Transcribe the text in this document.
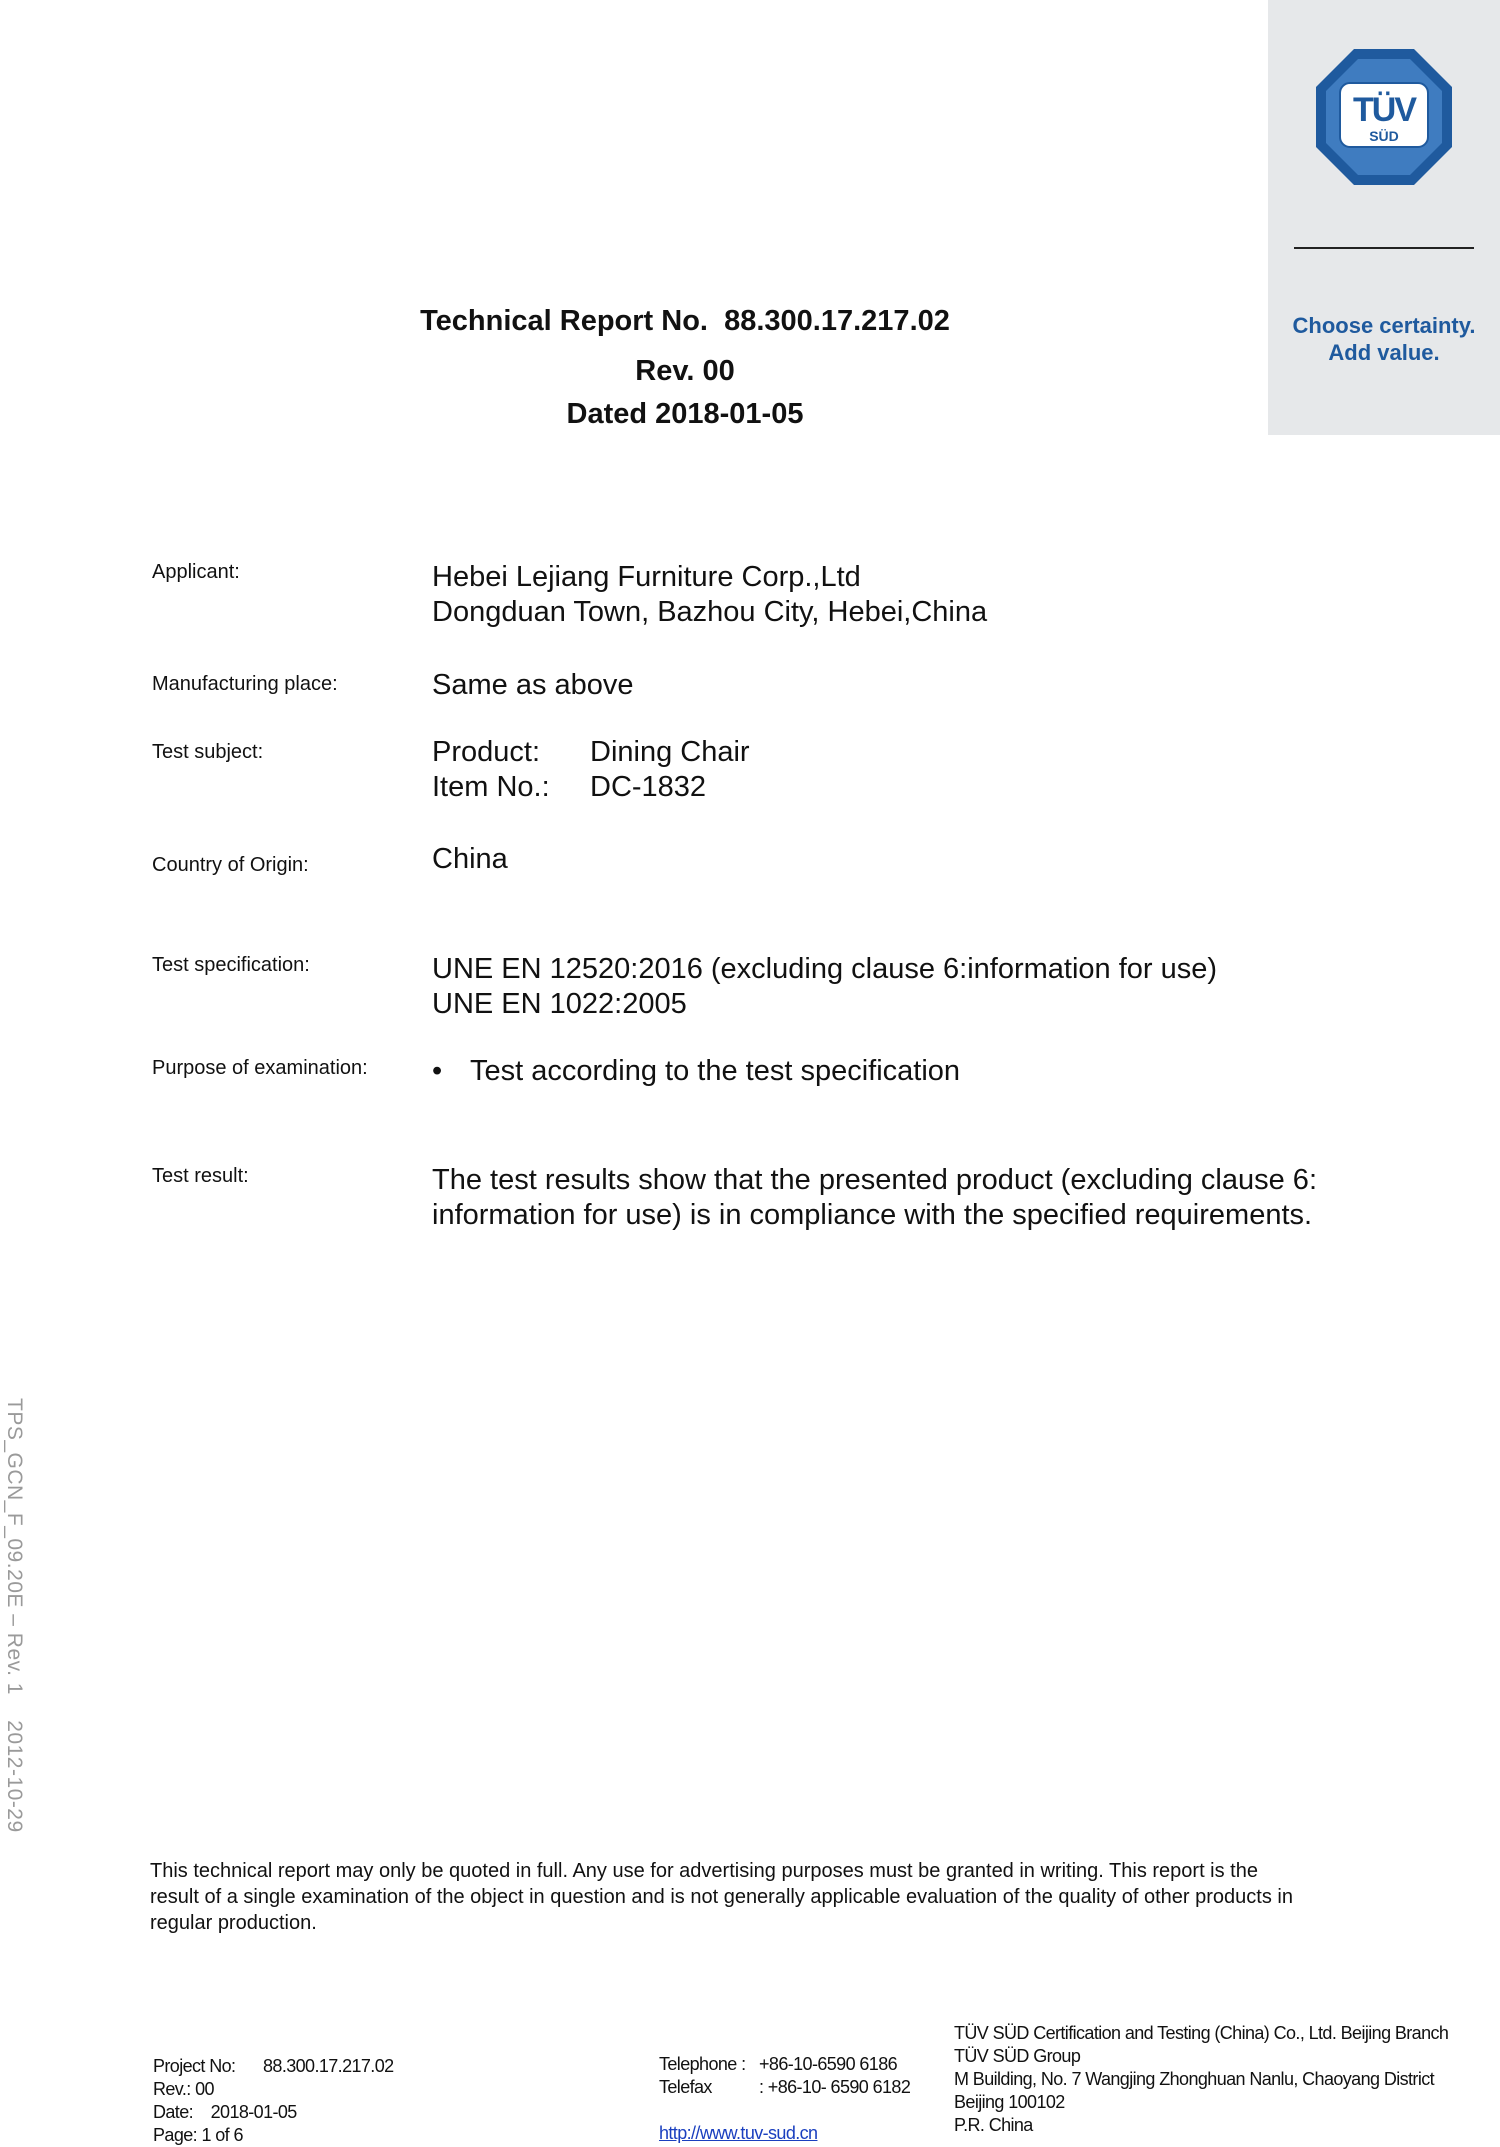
TÜV
SÜD
Choose certainty.
Add value.
Technical Report No. 88.300.17.217.02
Rev. 00
Dated 2018-01-05
Applicant:	Hebei Lejiang Furniture Corp.,Ltd
Dongduan Town, Bazhou City, Hebei,China
Manufacturing place:	Same as above
Test subject:	Product: Dining Chair
Item No.: DC-1832
Country of Origin:	China
Test specification:	UNE EN 12520:2016 (excluding clause 6:information for use)
UNE EN 1022:2005
Purpose of examination: • Test according to the test specification
Test result:	The test results show that the presented product (excluding clause 6:
information for use) is in compliance with the specified requirements.
TPS_GCN_F_09.20E – Rev. 1    2012-10-29
This technical report may only be quoted in full. Any use for advertising purposes must be granted in writing. This report is the
result of a single examination of the object in question and is not generally applicable evaluation of the quality of other products in
regular production.
Project No: 88.300.17.217.02
Rev.: 00
Date: 2018-01-05
Page: 1 of 6
Telephone : +86-10-6590 6186
Telefax	: +86-10- 6590 6182
http://www.tuv-sud.cn
TÜV SÜD Certification and Testing (China) Co., Ltd. Beijing Branch
TÜV SÜD Group
M Building, No. 7 Wangjing Zhonghuan Nanlu, Chaoyang District
Beijing 100102
P.R. China
